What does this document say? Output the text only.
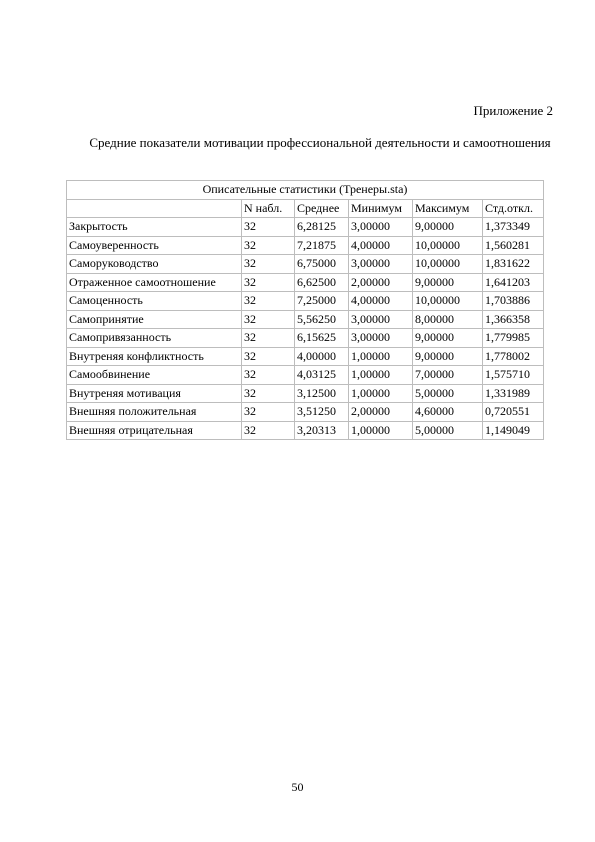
Приложение 2
Средние показатели мотивации профессиональной деятельности и самоотношения
Описательные статистики (Тренеры.sta)					
	N набл.	Среднее	Минимум	Максимум	Стд.откл.
Закрытость	32	6,28125	3,00000	9,00000	1,373349
Самоуверенность	32	7,21875	4,00000	10,00000	1,560281
Саморуководство	32	6,75000	3,00000	10,00000	1,831622
Отраженное самоотношение	32	6,62500	2,00000	9,00000	1,641203
Самоценность	32	7,25000	4,00000	10,00000	1,703886
Самопринятие	32	5,56250	3,00000	8,00000	1,366358
Самопривязанность	32	6,15625	3,00000	9,00000	1,779985
Внутреняя конфликтность	32	4,00000	1,00000	9,00000	1,778002
Самообвинение	32	4,03125	1,00000	7,00000	1,575710
Внутреняя мотивация	32	3,12500	1,00000	5,00000	1,331989
Внешняя положительная	32	3,51250	2,00000	4,60000	0,720551
Внешняя отрицательная	32	3,20313	1,00000	5,00000	1,149049
50
